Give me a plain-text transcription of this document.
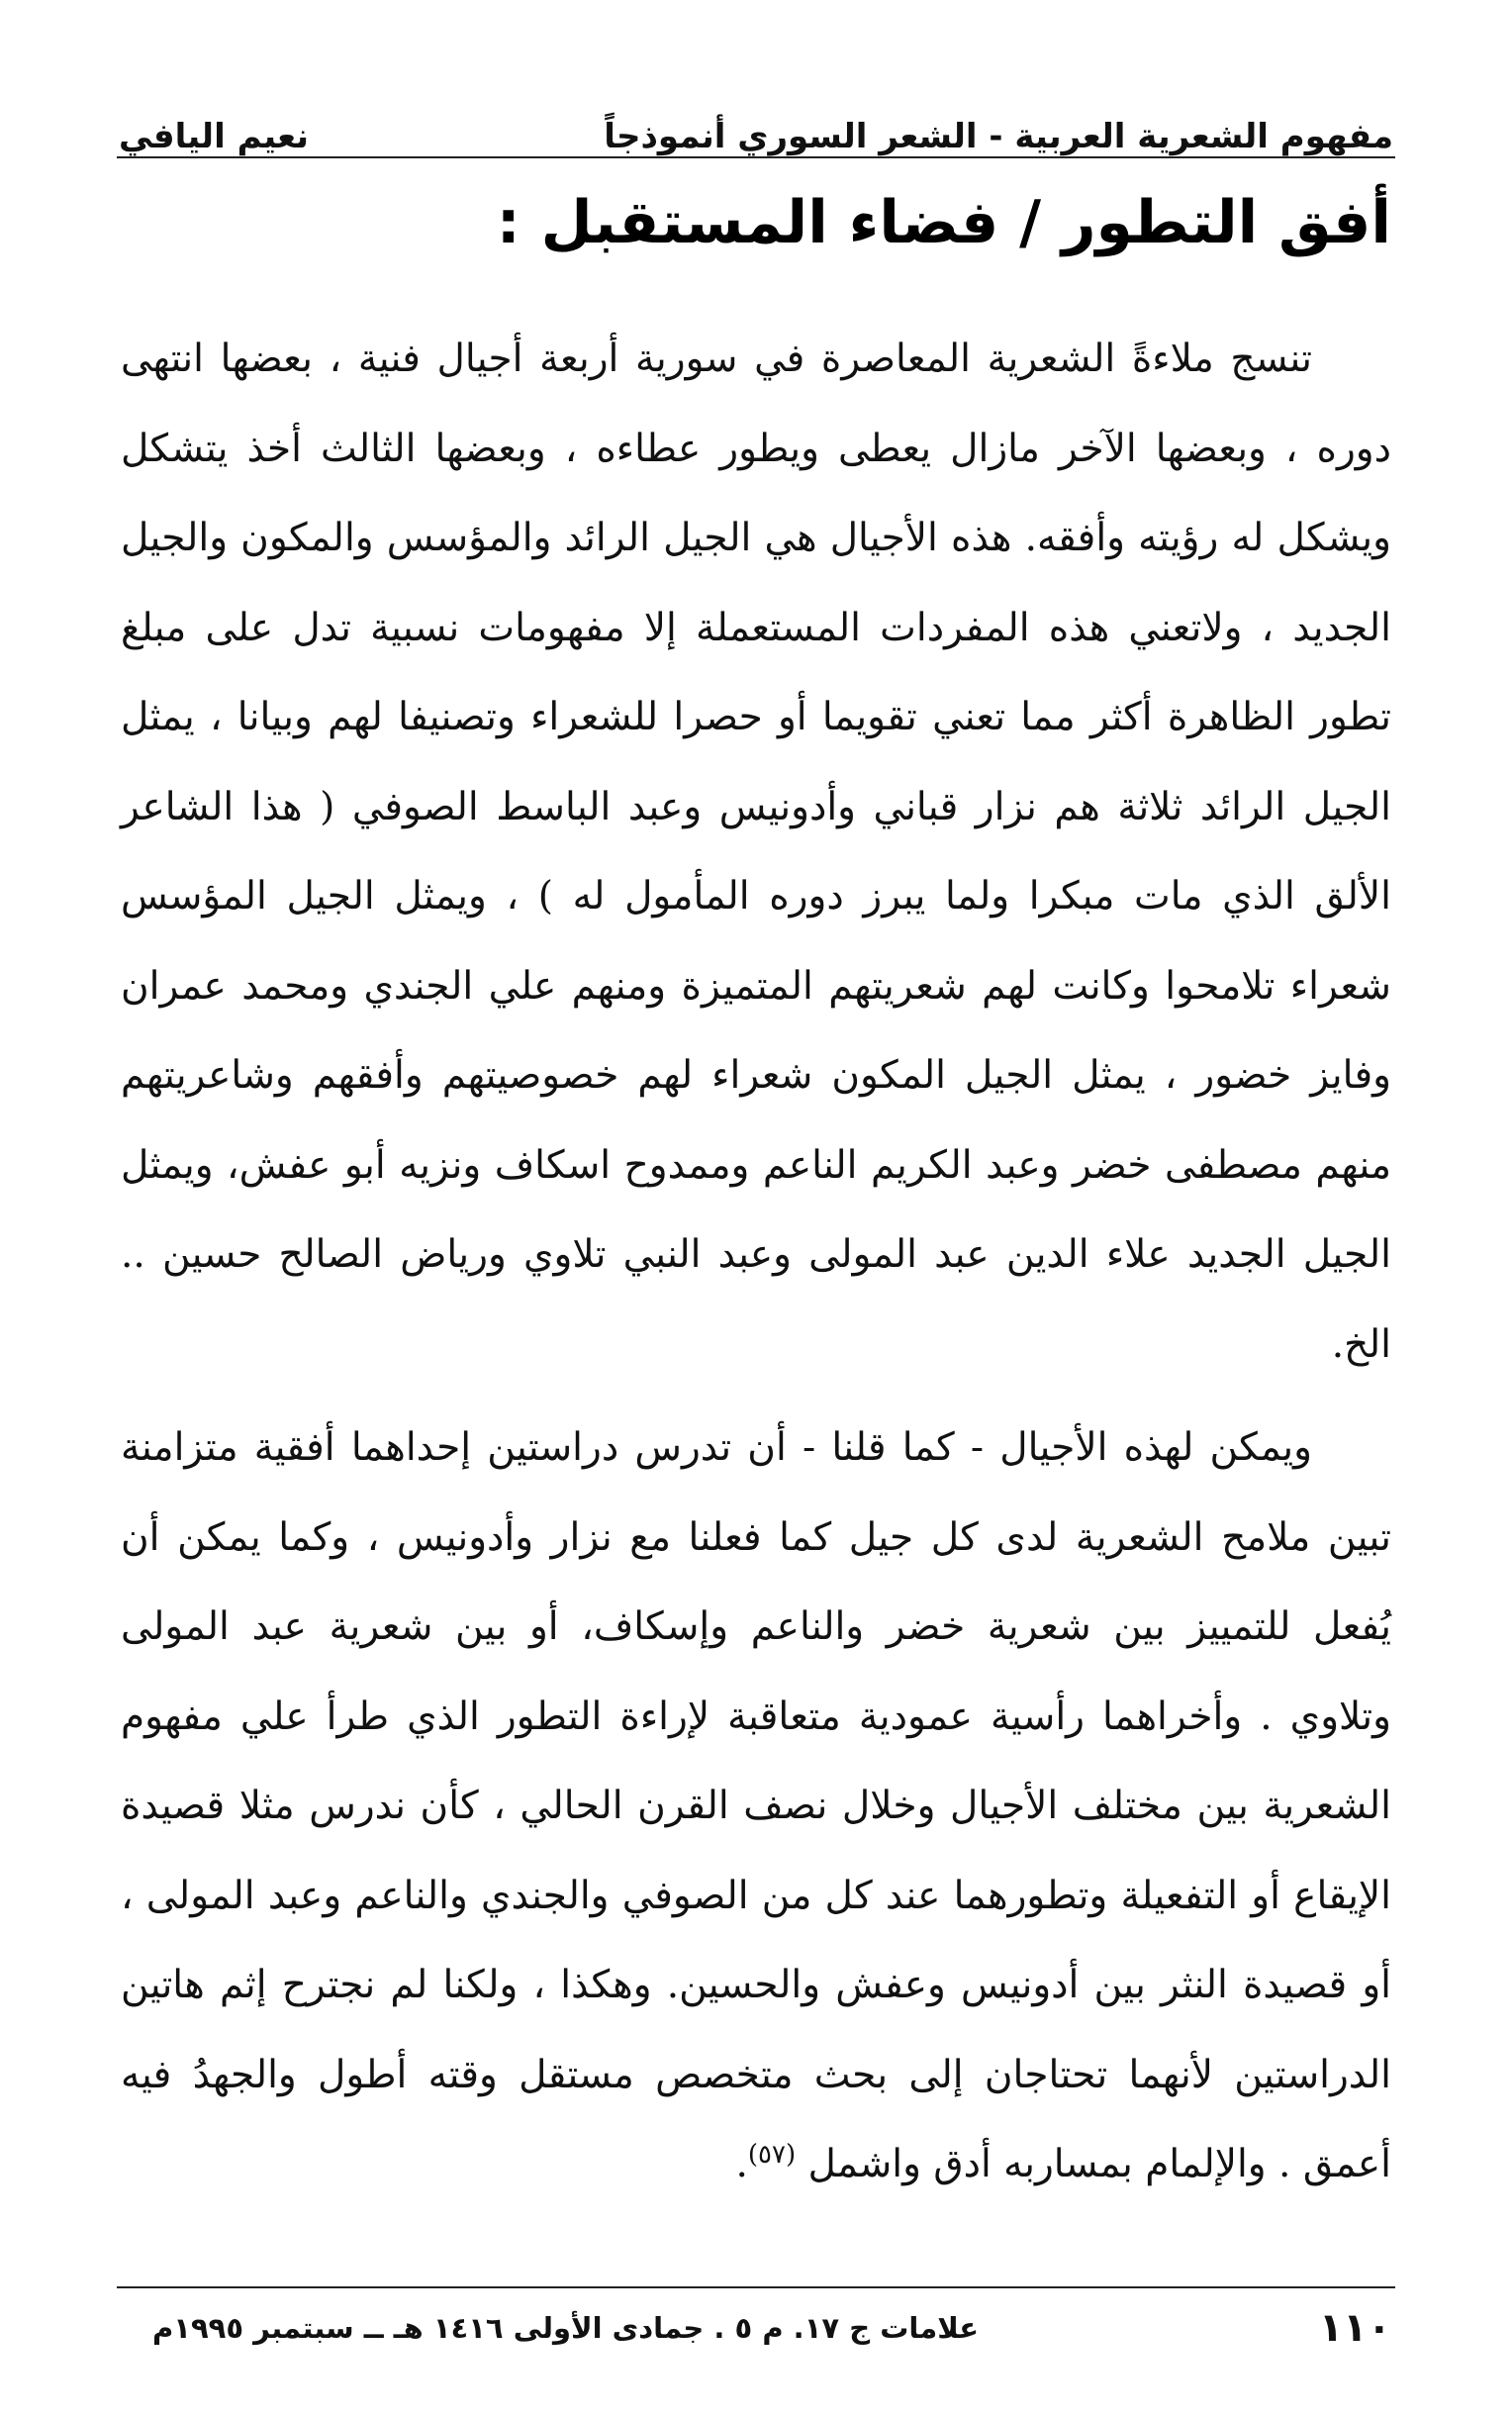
مفهوم الشعرية العربية - الشعر السوري أنموذجاً
نعيم اليافي
أفق التطور / فضاء المستقبل :

تنسج ملاءةً الشعرية المعاصرة في سورية أربعة أجيال فنية ، بعضها انتهى دوره ، وبعضها الآخر مازال يعطى ويطور عطاءه ، وبعضها الثالث أخذ يتشكل ويشكل له رؤيته وأفقه. هذه الأجيال هي الجيل الرائد والمؤسس والمكون والجيل الجديد ، ولاتعني هذه المفردات المستعملة إلا مفهومات نسبية تدل على مبلغ تطور الظاهرة أكثر مما تعني تقويما أو حصرا للشعراء وتصنيفا لهم وبيانا ، يمثل الجيل الرائد ثلاثة هم نزار قباني وأدونيس وعبد الباسط الصوفي ( هذا الشاعر الألق الذي مات مبكرا ولما يبرز دوره المأمول له ) ، ويمثل الجيل المؤسس شعراء تلامحوا وكانت لهم شعريتهم المتميزة ومنهم علي الجندي ومحمد عمران وفايز خضور ، يمثل الجيل المكون شعراء لهم خصوصيتهم وأفقهم وشاعريتهم منهم مصطفى خضر وعبد الكريم الناعم وممدوح اسكاف ونزيه أبو عفش، ويمثل الجيل الجديد علاء الدين عبد المولى وعبد النبي تلاوي ورياض الصالح حسين .. الخ.

ويمكن لهذه الأجيال - كما قلنا - أن تدرس دراستين إحداهما أفقية متزامنة تبين ملامح الشعرية لدى كل جيل كما فعلنا مع نزار وأدونيس ، وكما يمكن أن يُفعل للتمييز بين شعرية خضر والناعم وإسكاف، أو بين شعرية عبد المولى وتلاوي . وأخراهما رأسية عمودية متعاقبة لإراءة التطور الذي طرأ علي مفهوم الشعرية بين مختلف الأجيال وخلال نصف القرن الحالي ، كأن ندرس مثلا قصيدة الإيقاع أو التفعيلة وتطورهما عند كل من الصوفي والجندي والناعم وعبد المولى ، أو قصيدة النثر بين أدونيس وعفش والحسين. وهكذا ، ولكنا لم نجترح إثم هاتين الدراستين لأنهما تحتاجان إلى بحث متخصص مستقل وقته أطول والجهدُ فيه أعمق . والإلمام بمساربه أدق واشمل $^{(٥٧)}$.

١١٠
علامات ج ١٧. م ٥ . جمادى الأولى ١٤١٦ هـ ــ سبتمبر ١٩٩٥م
